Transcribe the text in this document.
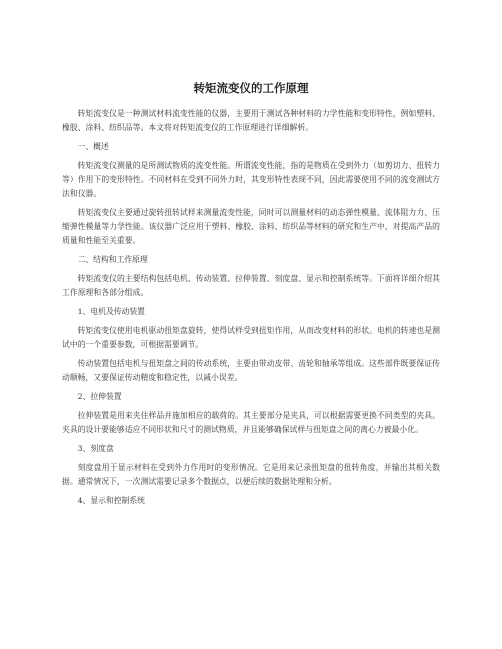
转矩流变仪的工作原理

转矩流变仪是一种测试材料流变性能的仪器，主要用于测试各种材料的力学性能和变形特性，例如塑料、橡胶、涂料、纺织品等。本文将对转矩流变仪的工作原理进行详细解析。

一、概述

转矩流变仪测量的是所测试物质的流变性能。所谓流变性能，指的是物质在受到外力（如剪切力、扭转力等）作用下的变形特性。不同材料在受到不同外力时，其变形特性表现不同，因此需要使用不同的流变测试方法和仪器。

转矩流变仪主要通过旋转扭转试样来测量流变性能，同时可以测量材料的动态弹性模量、流体阻力力、压缩弹性模量等力学性能。该仪器广泛应用于塑料、橡胶、涂料、纺织品等材料的研究和生产中，对提高产品的质量和性能至关重要。

二、结构和工作原理

转矩流变仪的主要结构包括电机、传动装置、拉伸装置、刻度盘、显示和控制系统等。下面将详细介绍其工作原理和各部分组成。

1、电机及传动装置

转矩流变仪使用电机驱动扭矩盘旋转，使得试样受到扭矩作用，从而改变材料的形状。电机的转速也是测试中的一个重要参数，可根据需要调节。

传动装置包括电机与扭矩盘之间的传动系统，主要由带动皮带、齿轮和轴承等组成。这些部件既要保证传动顺畅，又要保证传动精度和稳定性，以减小误差。

2、拉伸装置

拉伸装置是用来夹住样品并施加相应的载荷的。其主要部分是夹具，可以根据需要更换不同类型的夹具。夹具的设计要能够适应不同形状和尺寸的测试物质，并且能够确保试样与扭矩盘之间的离心力被最小化。

3、刻度盘

刻度盘用于显示材料在受到外力作用时的变形情况。它是用来记录扭矩盘的扭转角度，并输出其相关数据。通常情况下，一次测试需要记录多个数据点，以便后续的数据处理和分析。

4、显示和控制系统
